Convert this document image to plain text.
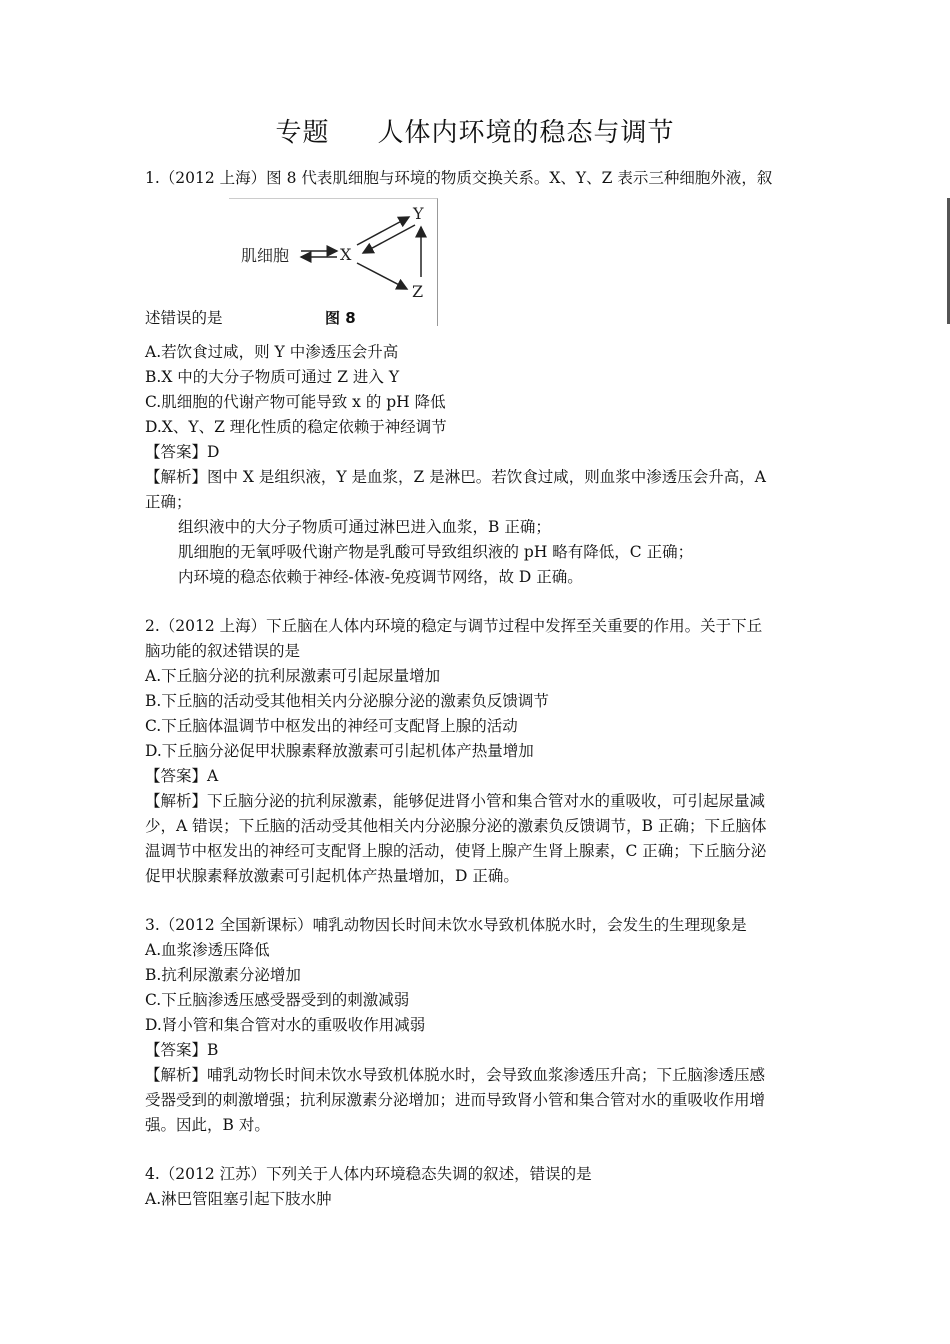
专题 人体内环境的稳态与调节
1.（2012 上海）图 8 代表肌细胞与环境的物质交换关系。X、Y、Z 表示三种细胞外液，叙
肌细胞	X
Y
Z
图 8
述错误的是
A.若饮食过咸，则 Y 中渗透压会升高
B.X 中的大分子物质可通过 Z 进入 Y
C.肌细胞的代谢产物可能导致 x 的 pH 降低
D.X、Y、Z 理化性质的稳定依赖于神经调节
【答案】D
【解析】图中 X 是组织液，Y 是血浆，Z 是淋巴。若饮食过咸，则血浆中渗透压会升高，A
正确；
组织液中的大分子物质可通过淋巴进入血浆，B 正确；
肌细胞的无氧呼吸代谢产物是乳酸可导致组织液的 pH 略有降低，C 正确；
内环境的稳态依赖于神经-体液-免疫调节网络，故 D 正确。
2.（2012 上海）下丘脑在人体内环境的稳定与调节过程中发挥至关重要的作用。关于下丘
脑功能的叙述错误的是
A.下丘脑分泌的抗利尿激素可引起尿量增加
B.下丘脑的活动受其他相关内分泌腺分泌的激素负反馈调节
C.下丘脑体温调节中枢发出的神经可支配肾上腺的活动
D.下丘脑分泌促甲状腺素释放激素可引起机体产热量增加
【答案】A
【解析】下丘脑分泌的抗利尿激素，能够促进肾小管和集合管对水的重吸收，可引起尿量减
少，A 错误；下丘脑的活动受其他相关内分泌腺分泌的激素负反馈调节，B 正确；下丘脑体
温调节中枢发出的神经可支配肾上腺的活动，使肾上腺产生肾上腺素，C 正确；下丘脑分泌
促甲状腺素释放激素可引起机体产热量增加，D 正确。
3.（2012 全国新课标）哺乳动物因长时间未饮水导致机体脱水时，会发生的生理现象是
A.血浆渗透压降低
B.抗利尿激素分泌增加
C.下丘脑渗透压感受器受到的刺激减弱
D.肾小管和集合管对水的重吸收作用减弱
【答案】B
【解析】哺乳动物长时间未饮水导致机体脱水时，会导致血浆渗透压升高；下丘脑渗透压感
受器受到的刺激增强；抗利尿激素分泌增加；进而导致肾小管和集合管对水的重吸收作用增
强。因此，B 对。
4.（2012 江苏）下列关于人体内环境稳态失调的叙述，错误的是
A.淋巴管阻塞引起下肢水肿
